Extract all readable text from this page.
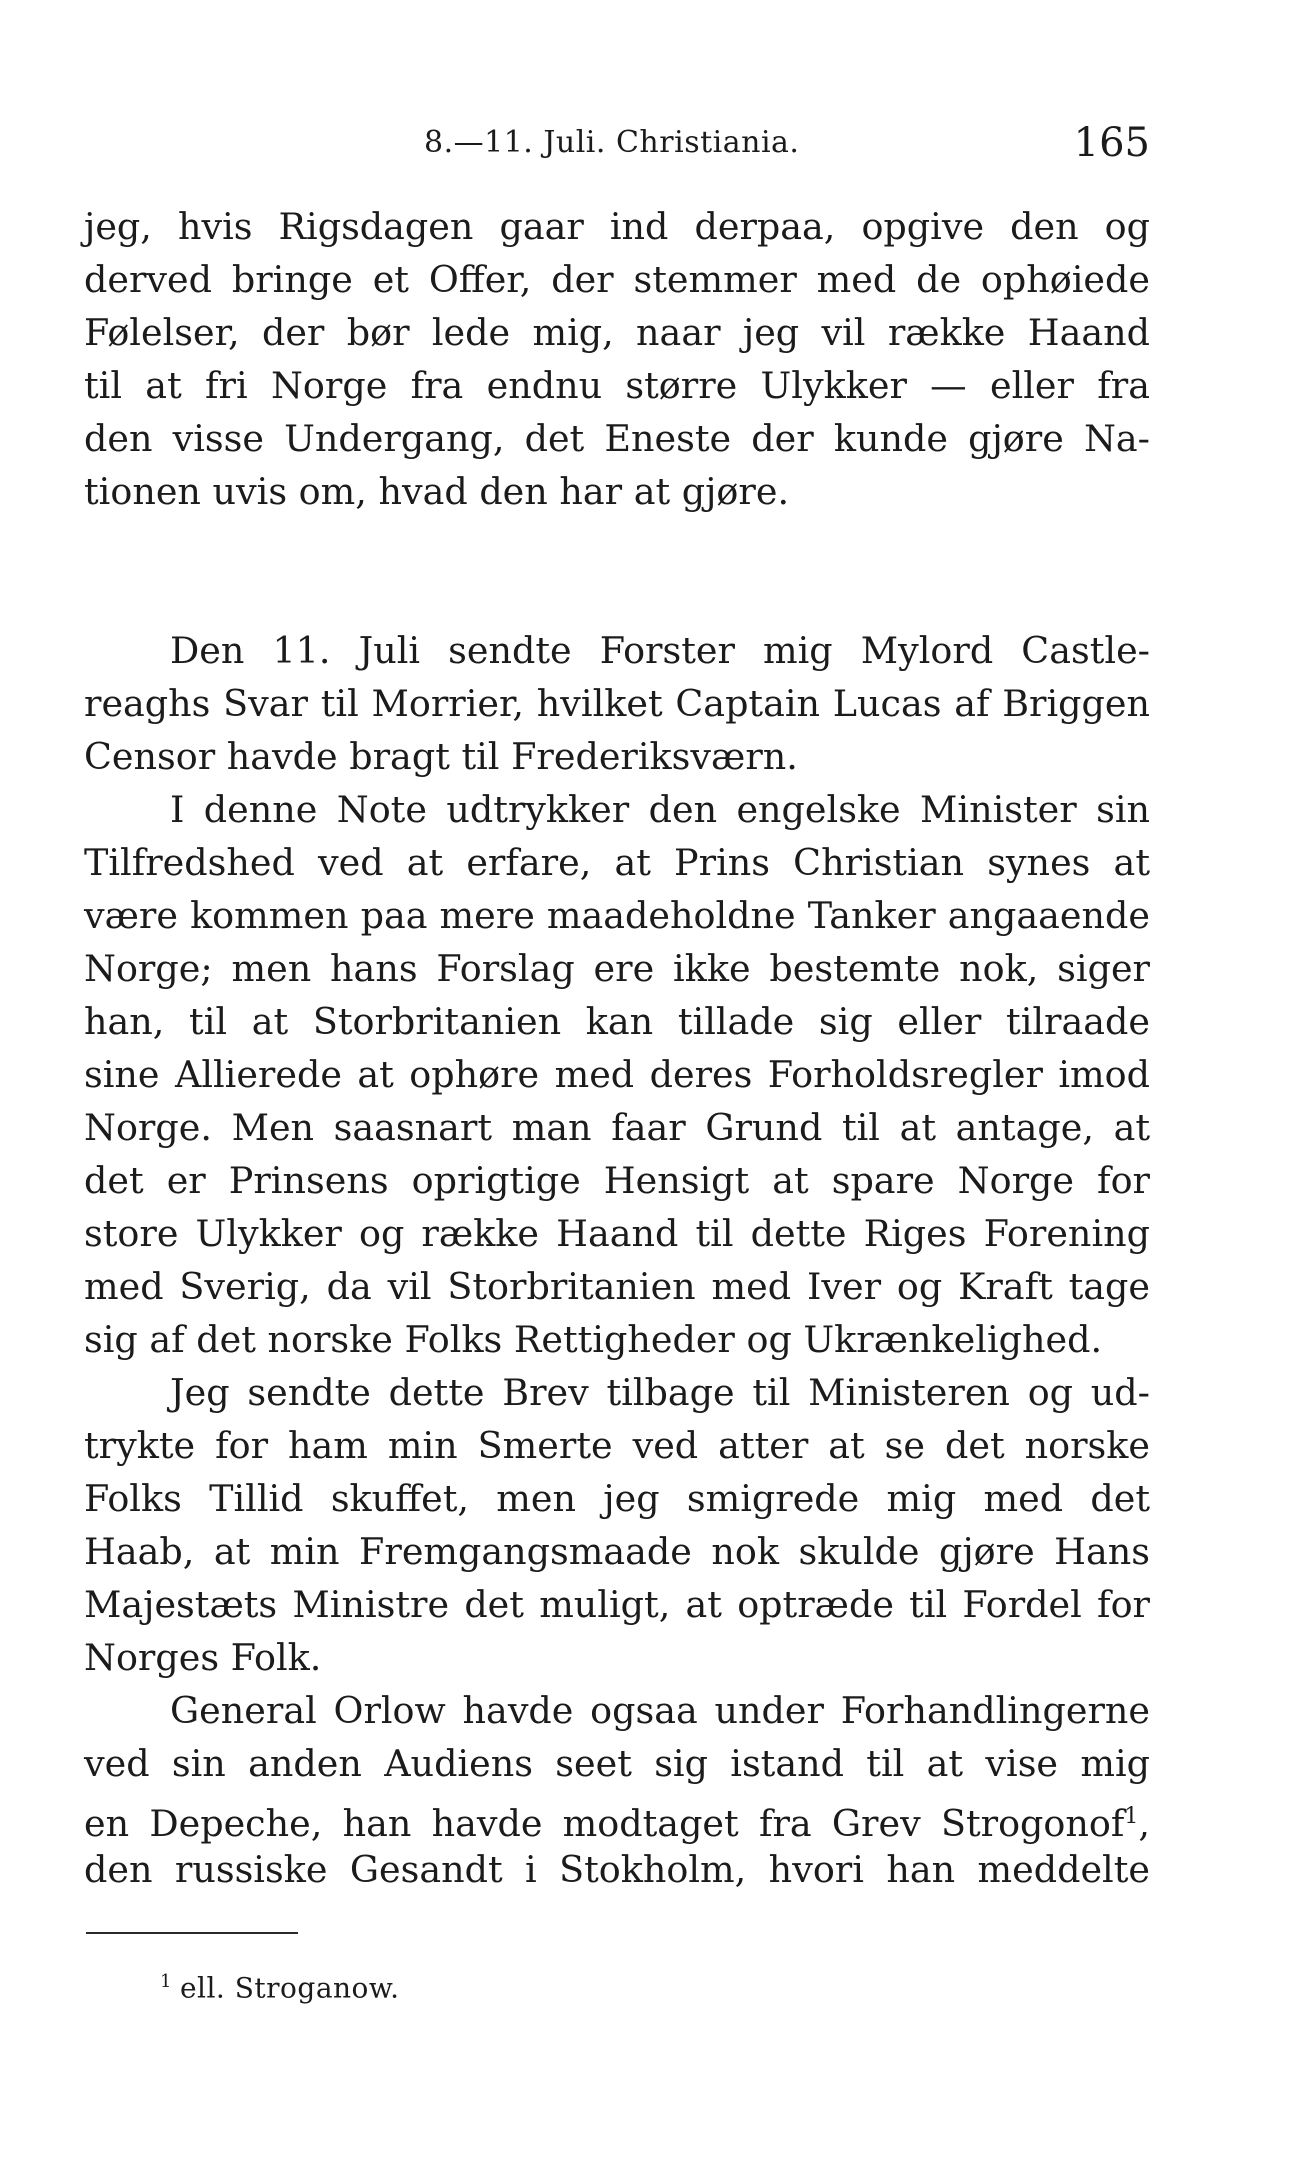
8.—11. Juli. Christiania.	165
jeg, hvis Rigsdagen gaar ind derpaa, opgive den og
derved bringe et Offer, der stemmer med de ophøiede
Følelser, der bør lede mig, naar jeg vil række Haand
til at fri Norge fra endnu større Ulykker — eller fra
den visse Undergang, det Eneste der kunde gjøre Na-
tionen uvis om, hvad den har at gjøre.
Den 11. Juli sendte Forster mig Mylord Castle-
reaghs Svar til Morrier, hvilket Captain Lucas af Briggen
Censor havde bragt til Frederiksværn.
I denne Note udtrykker den engelske Minister sin
Tilfredshed ved at erfare, at Prins Christian synes at
være kommen paa mere maadeholdne Tanker angaaende
Norge; men hans Forslag ere ikke bestemte nok, siger
han, til at Storbritanien kan tillade sig eller tilraade
sine Allierede at ophøre med deres Forholdsregler imod
Norge. Men saasnart man faar Grund til at antage, at
det er Prinsens oprigtige Hensigt at spare Norge for
store Ulykker og række Haand til dette Riges Forening
med Sverig, da vil Storbritanien med Iver og Kraft tage
sig af det norske Folks Rettigheder og Ukrænkelighed.
Jeg sendte dette Brev tilbage til Ministeren og ud-
trykte for ham min Smerte ved atter at se det norske
Folks Tillid skuffet, men jeg smigrede mig med det
Haab, at min Fremgangsmaade nok skulde gjøre Hans
Majestæts Ministre det muligt, at optræde til Fordel for
Norges Folk.
General Orlow havde ogsaa under Forhandlingerne
ved sin anden Audiens seet sig istand til at vise mig
en Depeche, han havde modtaget fra Grev Strogonof$^1$,
den russiske Gesandt i Stokholm, hvori han meddelte
$^1$ ell. Stroganow.
